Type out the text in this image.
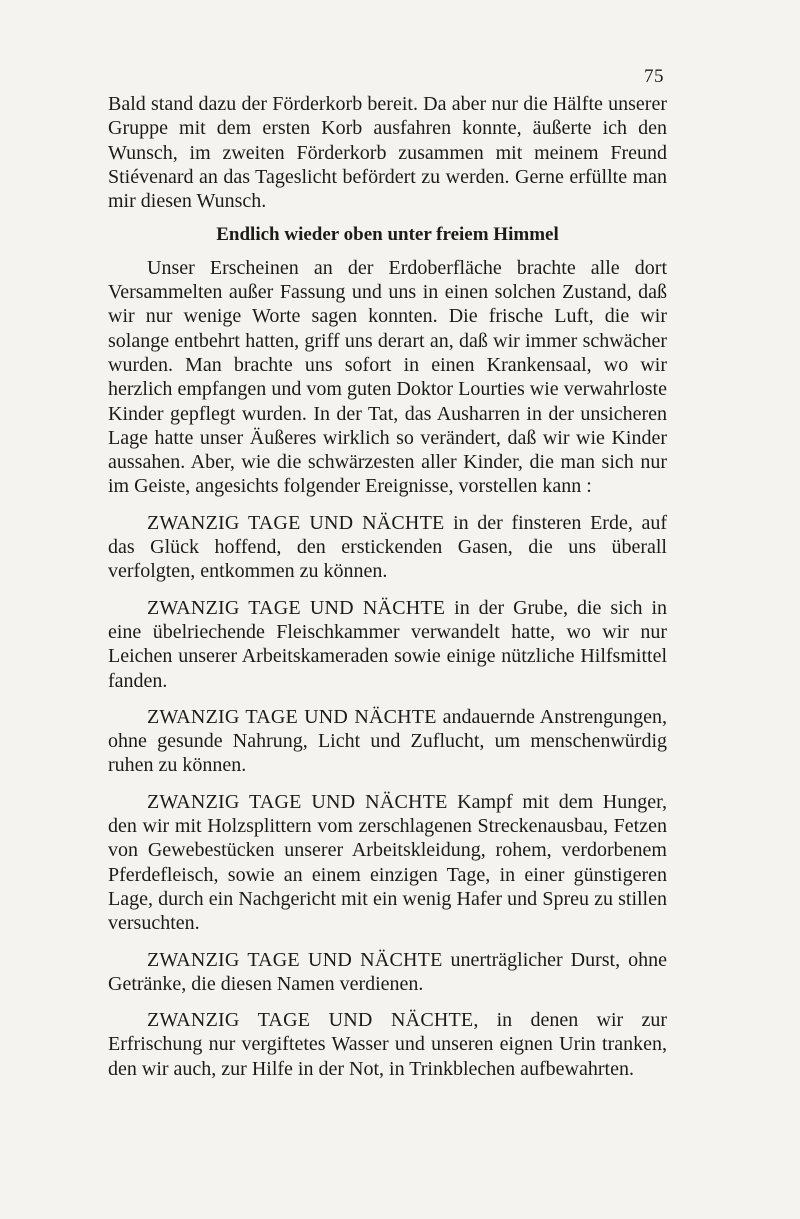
75

Bald stand dazu der Förderkorb bereit. Da aber nur die Hälfte unserer Gruppe mit dem ersten Korb ausfahren konnte, äußerte ich den Wunsch, im zweiten Förderkorb zusammen mit meinem Freund Stiévenard an das Tageslicht befördert zu werden. Gerne erfüllte man mir diesen Wunsch.

Endlich wieder oben unter freiem Himmel

Unser Erscheinen an der Erdoberfläche brachte alle dort Versammelten außer Fassung und uns in einen solchen Zustand, daß wir nur wenige Worte sagen konnten. Die frische Luft, die wir solange entbehrt hatten, griff uns derart an, daß wir immer schwächer wurden. Man brachte uns sofort in einen Krankensaal, wo wir herzlich empfangen und vom guten Doktor Lourties wie verwahrloste Kinder gepflegt wurden. In der Tat, das Ausharren in der unsicheren Lage hatte unser Äußeres wirklich so verändert, daß wir wie Kinder aussahen. Aber, wie die schwärzesten aller Kinder, die man sich nur im Geiste, angesichts folgender Ereignisse, vorstellen kann :

ZWANZIG TAGE UND NÄCHTE in der finsteren Erde, auf das Glück hoffend, den erstickenden Gasen, die uns überall verfolgten, entkommen zu können.

ZWANZIG TAGE UND NÄCHTE in der Grube, die sich in eine übelriechende Fleischkammer verwandelt hatte, wo wir nur Leichen unserer Arbeitskameraden sowie einige nützliche Hilfsmittel fanden.

ZWANZIG TAGE UND NÄCHTE andauernde Anstrengungen, ohne gesunde Nahrung, Licht und Zuflucht, um menschenwürdig ruhen zu können.

ZWANZIG TAGE UND NÄCHTE Kampf mit dem Hunger, den wir mit Holzsplittern vom zerschlagenen Streckenausbau, Fetzen von Gewebestücken unserer Arbeitskleidung, rohem, verdorbenem Pferdefleisch, sowie an einem einzigen Tage, in einer günstigeren Lage, durch ein Nachgericht mit ein wenig Hafer und Spreu zu stillen versuchten.

ZWANZIG TAGE UND NÄCHTE unerträglicher Durst, ohne Getränke, die diesen Namen verdienen.

ZWANZIG TAGE UND NÄCHTE, in denen wir zur Erfrischung nur vergiftetes Wasser und unseren eignen Urin tranken, den wir auch, zur Hilfe in der Not, in Trinkblechen aufbewahrten.
